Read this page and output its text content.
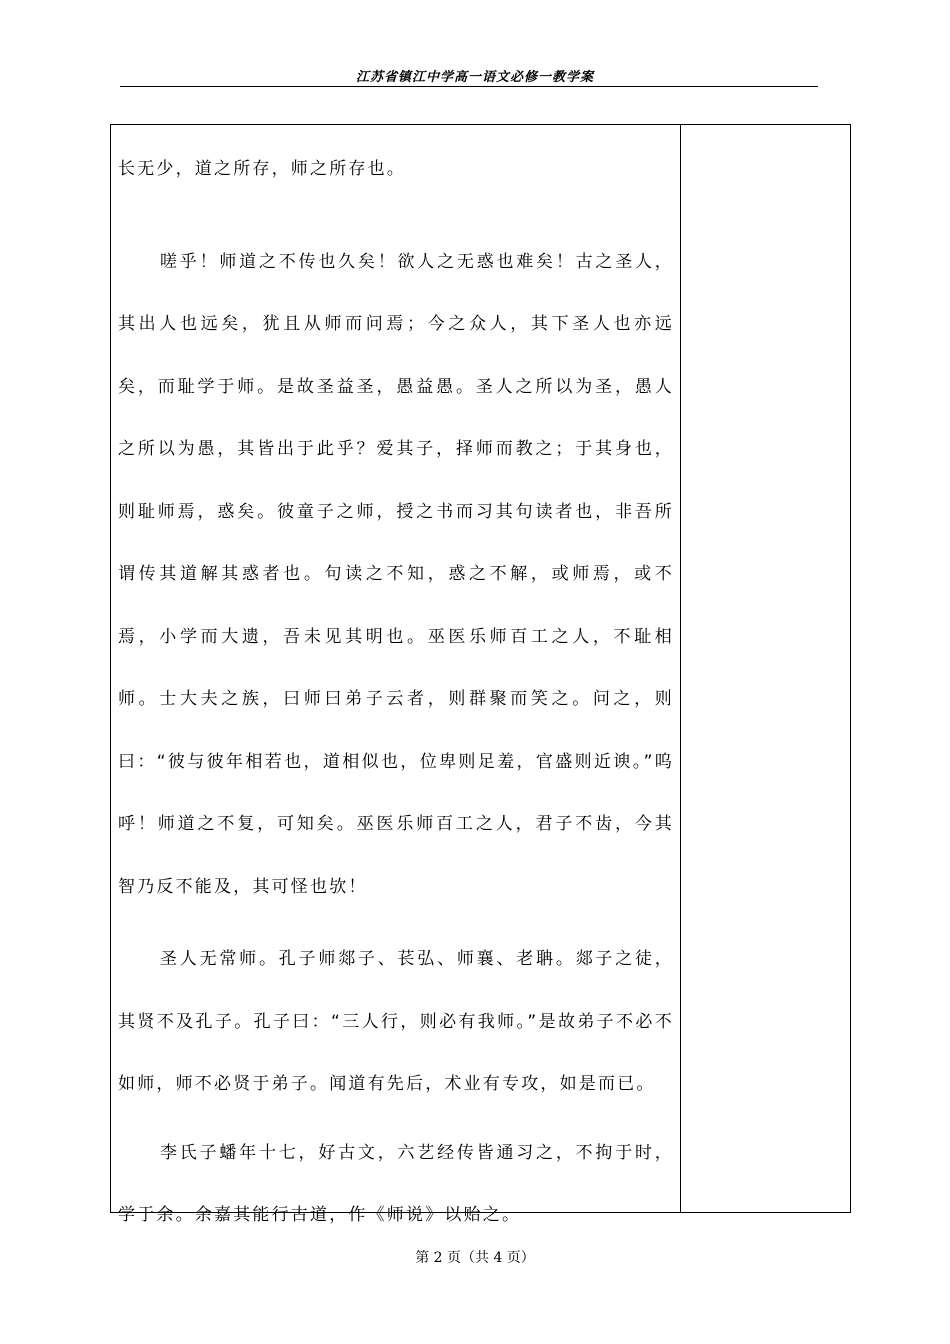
江苏省镇江中学高一语文必修一教学案

长无少，道之所存，师之所存也。

嗟乎！师道之不传也久矣！欲人之无惑也难矣！古之圣人，其出人也远矣，犹且从师而问焉；今之众人，其下圣人也亦远矣，而耻学于师。是故圣益圣，愚益愚。圣人之所以为圣，愚人之所以为愚，其皆出于此乎？爱其子，择师而教之；于其身也，则耻师焉，惑矣。彼童子之师，授之书而习其句读者也，非吾所谓传其道解其惑者也。句读之不知，惑之不解，或师焉，或不焉，小学而大遗，吾未见其明也。巫医乐师百工之人，不耻相师。士大夫之族，曰师曰弟子云者，则群聚而笑之。问之，则曰：“彼与彼年相若也，道相似也，位卑则足羞，官盛则近谀。”呜呼！师道之不复，可知矣。巫医乐师百工之人，君子不齿，今其智乃反不能及，其可怪也欤！

圣人无常师。孔子师郯子、苌弘、师襄、老聃。郯子之徒，其贤不及孔子。孔子曰：“三人行，则必有我师。”是故弟子不必不如师，师不必贤于弟子。闻道有先后，术业有专攻，如是而已。

李氏子蟠年十七，好古文，六艺经传皆通习之，不拘于时，学于余。余嘉其能行古道，作《师说》以贻之。

第 2 页（共 4 页）
